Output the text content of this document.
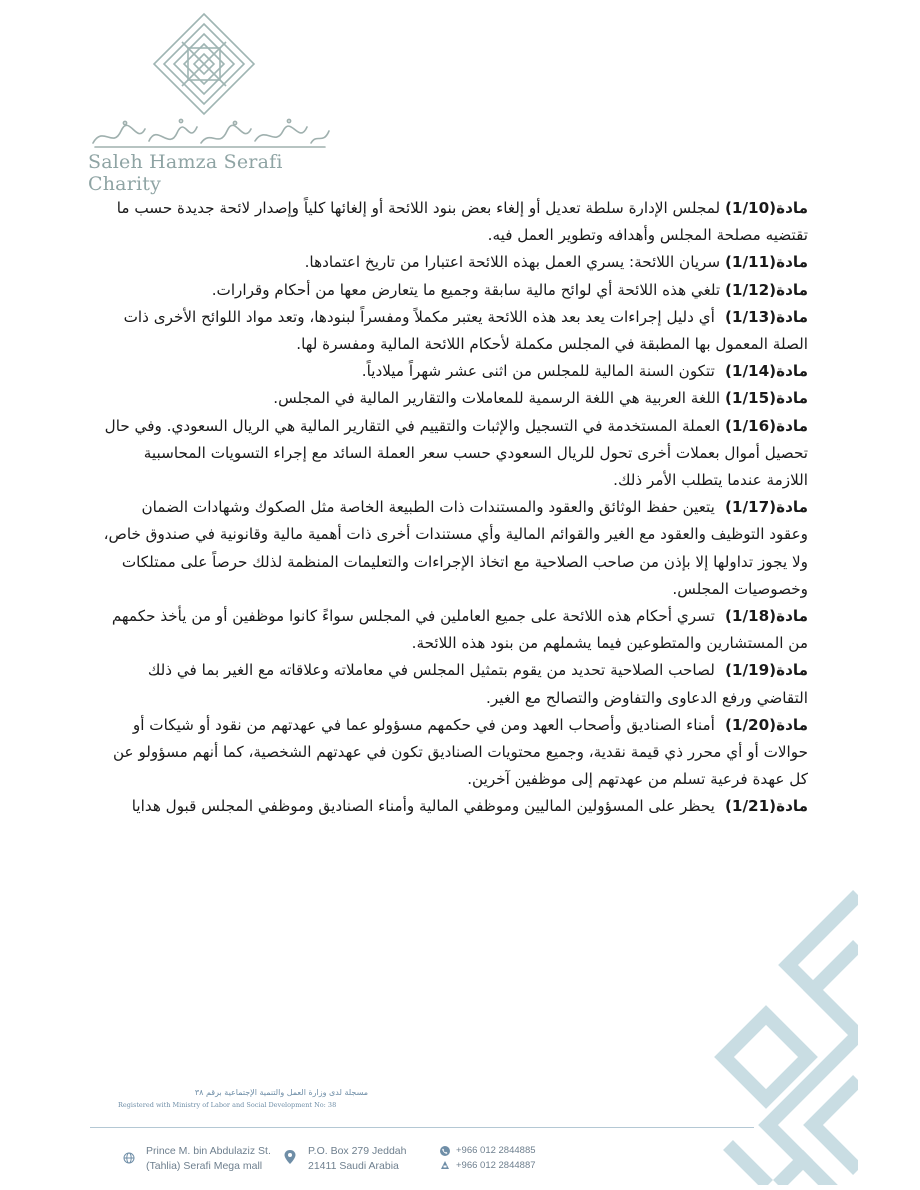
Saleh Hamza Serafi Charity

مادة(1/10) لمجلس الإدارة سلطة تعديل أو إلغاء بعض بنود اللائحة أو إلغائها كلياً وإصدار لائحة جديدة حسب ما تقتضيه مصلحة المجلس وأهدافه وتطوير العمل فيه.

مادة(1/11) سريان اللائحة: يسري العمل بهذه اللائحة اعتبارا من تاريخ اعتمادها.

مادة(1/12) تلغي هذه اللائحة أي لوائح مالية سابقة وجميع ما يتعارض معها من أحكام وقرارات.

مادة (1/13) أي دليل إجراءات يعد بعد هذه اللائحة يعتبر مكملاً ومفسراً لبنودها، وتعد مواد اللوائح الأخرى ذات الصلة المعمول بها المطبقة في المجلس مكملة لأحكام اللائحة المالية ومفسرة لها.

مادة (1/14) تتكون السنة المالية للمجلس من اثنى عشر شهراً ميلادياً.

مادة(1/15) اللغة العربية هي اللغة الرسمية للمعاملات والتقارير المالية في المجلس.

مادة(1/16) العملة المستخدمة في التسجيل والإثبات والتقييم في التقارير المالية هي الريال السعودي. وفي حال تحصيل أموال بعملات أخرى تحول للريال السعودي حسب سعر العملة السائد مع إجراء التسويات المحاسبية اللازمة عندما يتطلب الأمر ذلك.

مادة (1/17) يتعين حفظ الوثائق والعقود والمستندات ذات الطبيعة الخاصة مثل الصكوك وشهادات الضمان وعقود التوظيف والعقود مع الغير والقوائم المالية وأي مستندات أخرى ذات أهمية مالية وقانونية في صندوق خاص، ولا يجوز تداولها إلا بإذن من صاحب الصلاحية مع اتخاذ الإجراءات والتعليمات المنظمة لذلك حرصاً على ممتلكات وخصوصيات المجلس.

مادة (1/18) تسري أحكام هذه اللائحة على جميع العاملين في المجلس سواءً كانوا موظفين أو من يأخذ حكمهم من المستشارين والمتطوعين فيما يشملهم من بنود هذه اللائحة.

مادة (1/19) لصاحب الصلاحية تحديد من يقوم بتمثيل المجلس في معاملاته وعلاقاته مع الغير بما في ذلك التقاضي ورفع الدعاوى والتفاوض والتصالح مع الغير.

مادة (1/20) أمناء الصناديق وأصحاب العهد ومن في حكمهم مسؤولو عما في عهدتهم من نقود أو شيكات أو حوالات أو أي محرر ذي قيمة نقدية، وجميع محتويات الصناديق تكون في عهدتهم الشخصية، كما أنهم مسؤولو عن كل عهدة فرعية تسلم من عهدتهم إلى موظفين آخرين.

مادة (1/21) يحظر على المسؤولين الماليين وموظفي المالية وأمناء الصناديق وموظفي المجلس قبول هدايا

مسجلة لدى وزارة العمل والتنمية الإجتماعية برقم ٣٨
Registered with Ministry of Labor and Social Development No: 38
Prince M. bin Abdulaziz St.
(Tahlia) Serafi Mega mall
P.O. Box 279 Jeddah
21411 Saudi Arabia
+966 012 2844885
+966 012 2844887
